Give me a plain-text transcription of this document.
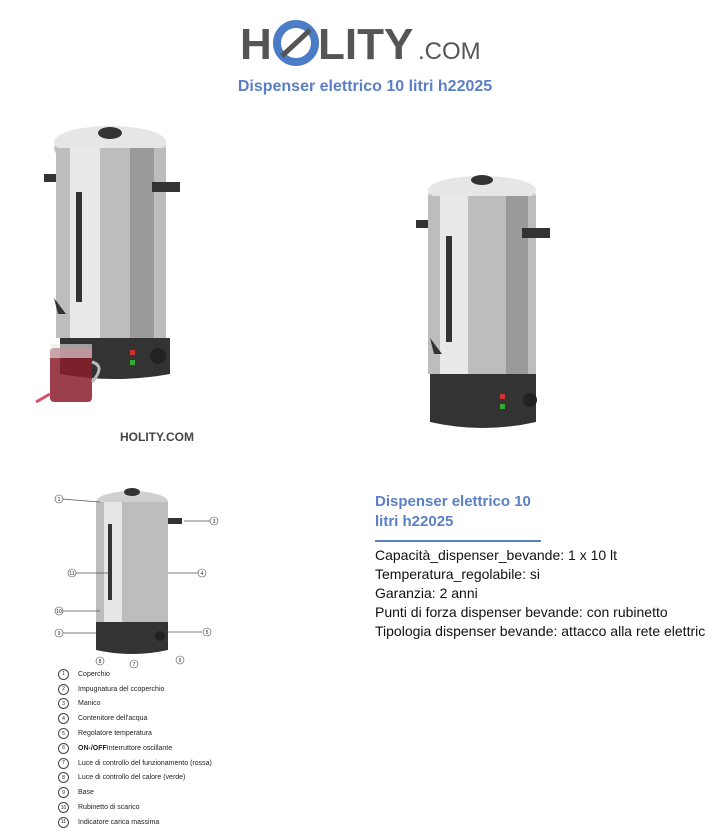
H LITY .COM
Dispenser elettrico 10 litri h22025
HOLITY.COM
1
3
4
5
6
7
8
9
10
11
1	Coperchio
2	Impugnatura del ccoperchio
3	Manico
4	Contenitore dell'acqua
5	Regolatore temperatura
6	ON-/OFF Interruttore oscillante
7	Luce di controllo del funzionamento (rossa)
8	Luce di controllo del calore (verde)
9	Base
10	Rubinetto di scarico
11	Indicatore carica massima
Dispenser elettrico 10
litri h22025
Capacità_dispenser_bevande: 1 x 10 lt
Temperatura_regolabile: si
Garanzia: 2 anni
Punti di forza dispenser bevande: con rubinetto
Tipologia dispenser bevande: attacco alla rete elettric
